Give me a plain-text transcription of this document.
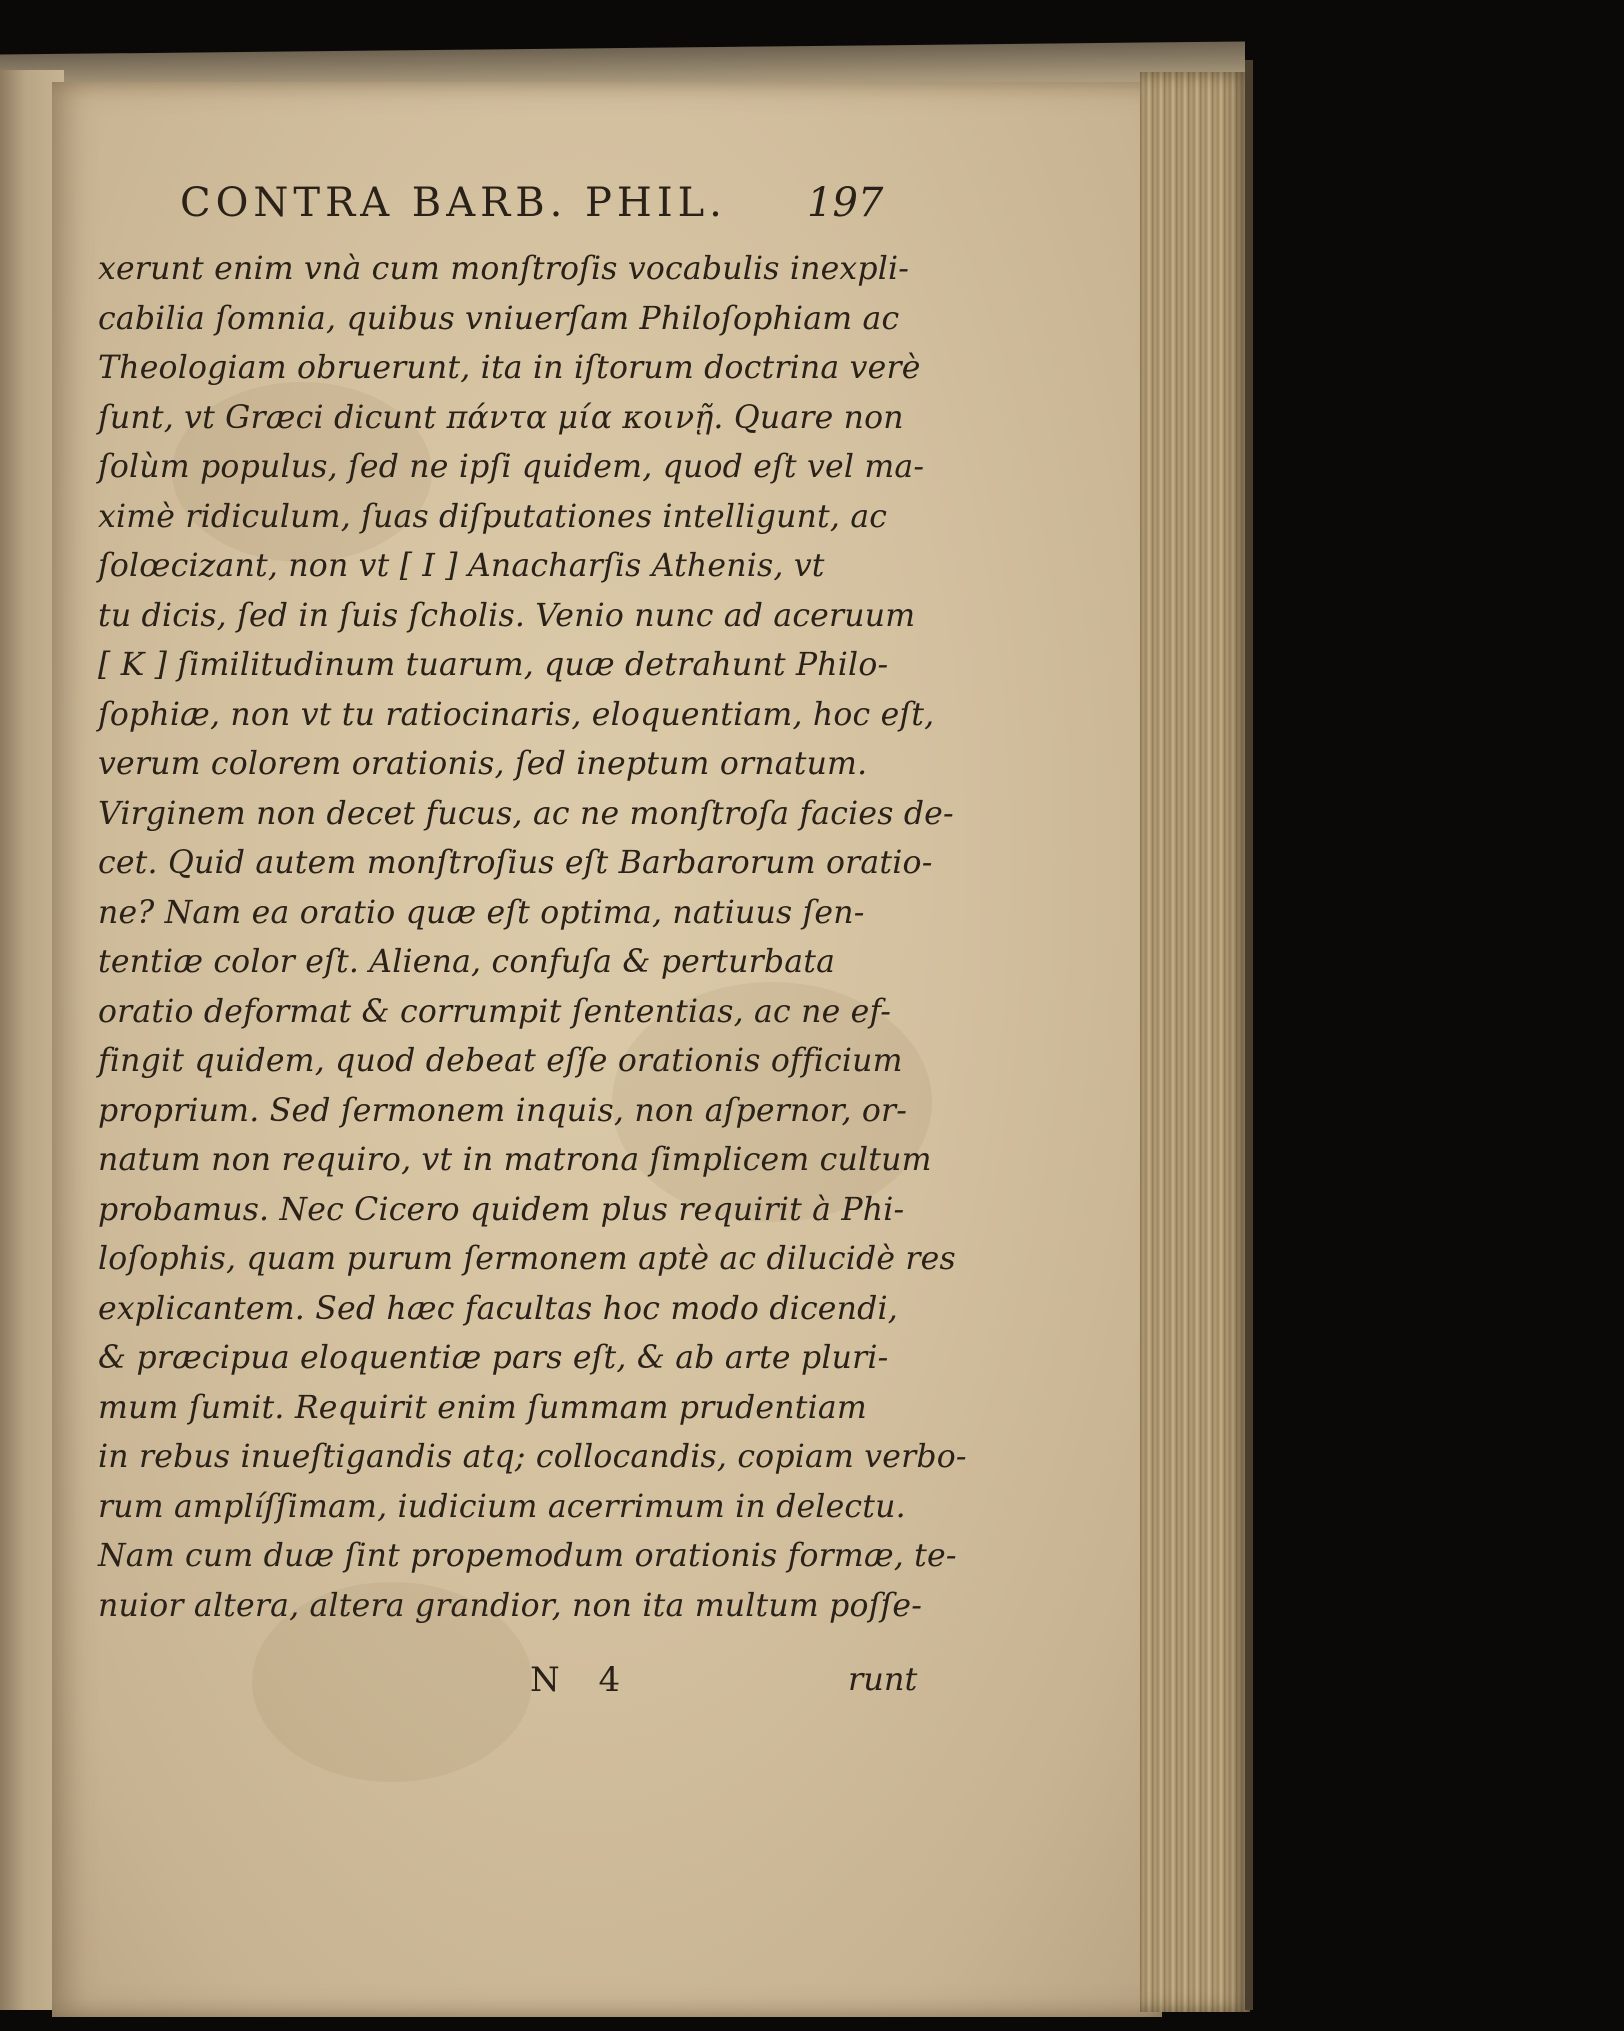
CONTRA BARB. PHIL. 197
xerunt enim vnà cum monſtroſis vocabulis inexpli-
cabilia ſomnia, quibus vniuerſam Philoſophiam ac
Theologiam obruerunt, ita in iſtorum doctrina verè
ſunt, vt Græci dicunt πάντα μία κοινῇ. Quare non
ſolùm populus, ſed ne ipſi quidem, quod eſt vel ma-
ximè ridiculum, ſuas diſputationes intelligunt, ac
ſolœcizant, non vt [ I ] Anacharſis Athenis, vt
tu dicis, ſed in ſuis ſcholis. Venio nunc ad aceruum
[ K ] ſimilitudinum tuarum, quæ detrahunt Philo-
ſophiæ, non vt tu ratiocinaris, eloquentiam, hoc eſt,
verum colorem orationis, ſed ineptum ornatum.
Virginem non decet fucus, ac ne monſtroſa facies de-
cet. Quid autem monſtroſius eſt Barbarorum oratio-
ne? Nam ea oratio quæ eſt optima, natiuus ſen-
tentiæ color eſt. Aliena, confuſa & perturbata
oratio deformat & corrumpit ſententias, ac ne ef-
fingit quidem, quod debeat eſſe orationis officium
proprium. Sed ſermonem inquis, non aſpernor, or-
natum non requiro, vt in matrona ſimplicem cultum
probamus. Nec Cicero quidem plus requirit à Phi-
loſophis, quam purum ſermonem aptè ac dilucidè res
explicantem. Sed hæc facultas hoc modo dicendi,
& præcipua eloquentiæ pars eſt, & ab arte pluri-
mum ſumit. Requirit enim ſummam prudentiam
in rebus inueſtigandis atq; collocandis, copiam verbo-
rum amplíſſimam, iudicium acerrimum in delectu.
Nam cum duæ ſint propemodum orationis formæ, te-
nuior altera, altera grandior, non ita multum poſſe-
N 4	runt
